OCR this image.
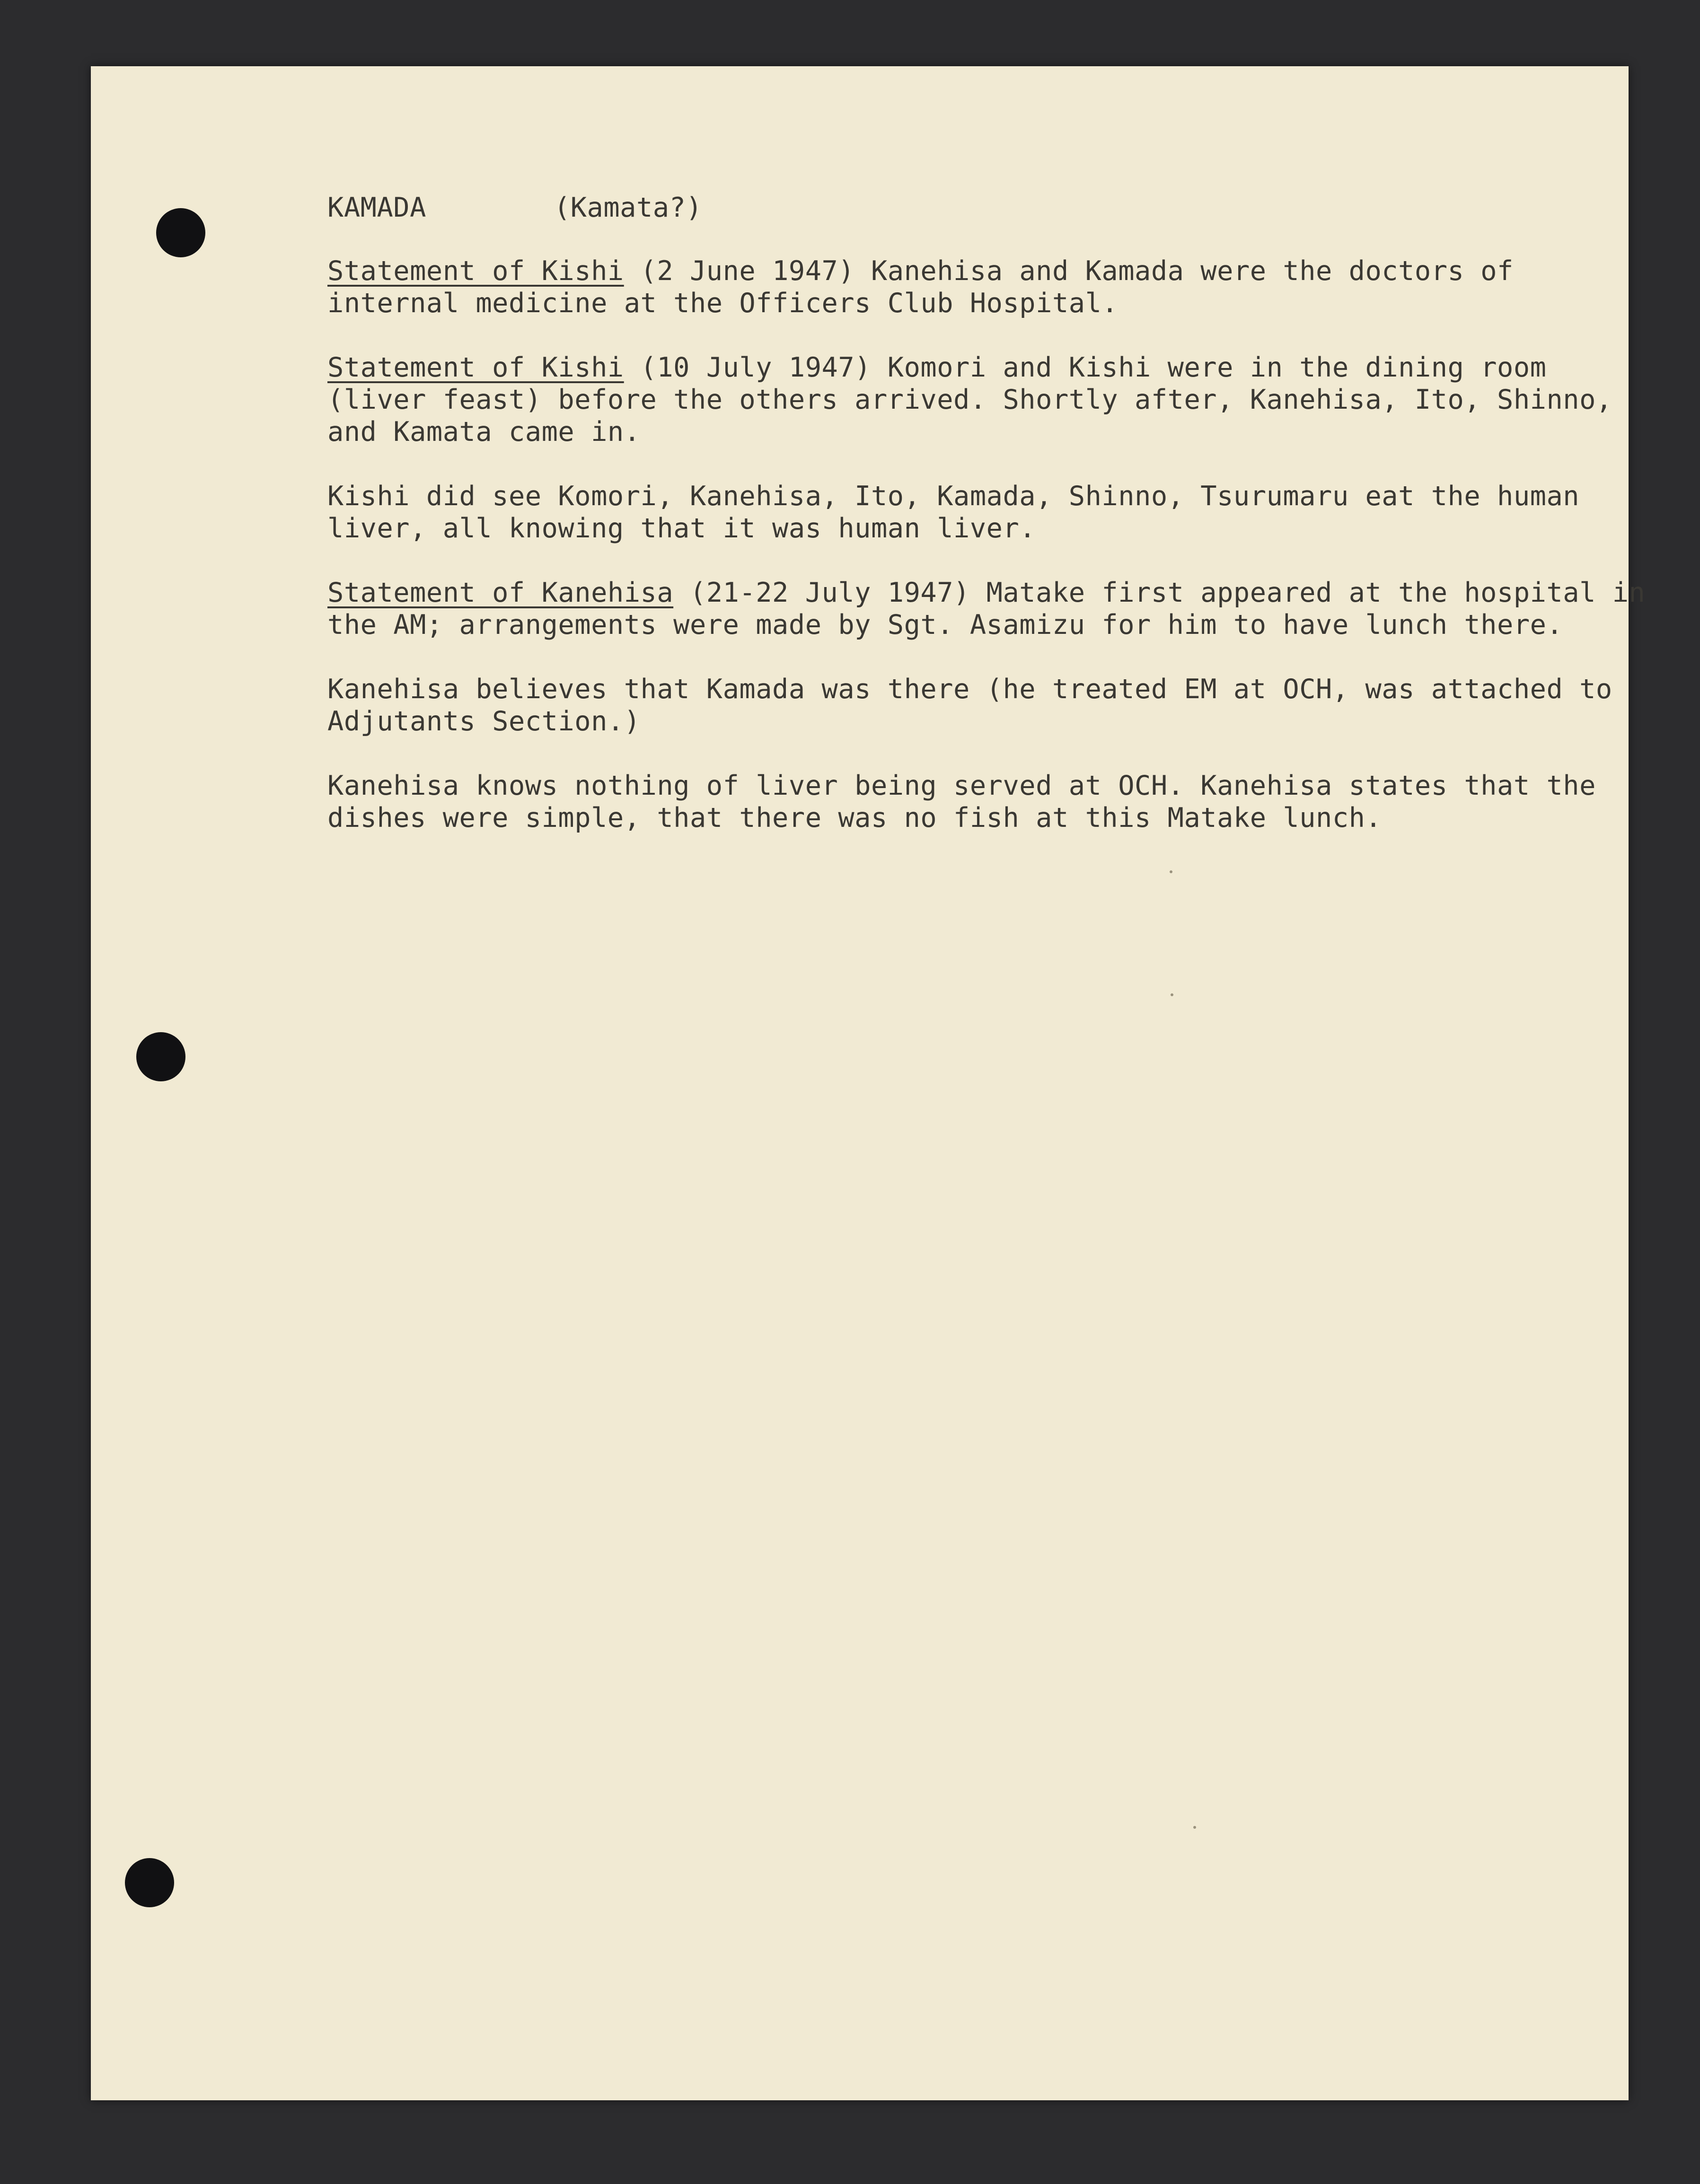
KAMADA	(Kamata?)

Statement of Kishi (2 June 1947) Kanehisa and Kamada were the doctors of internal medicine at the Officers Club Hospital.

Statement of Kishi (10 July 1947) Komori and Kishi were in the dining room (liver feast) before the others arrived. Shortly after, Kanehisa, Ito, Shinno, and Kamata came in.

Kishi did see Komori, Kanehisa, Ito, Kamada, Shinno, Tsurumaru eat the human liver, all knowing that it was human liver.

Statement of Kanehisa (21-22 July 1947) Matake first appeared at the hospital in the AM; arrangements were made by Sgt. Asamizu for him to have lunch there.

Kanehisa believes that Kamada was there (he treated EM at OCH, was attached to Adjutants Section.)

Kanehisa knows nothing of liver being served at OCH. Kanehisa states that the dishes were simple, that there was no fish at this Matake lunch.
